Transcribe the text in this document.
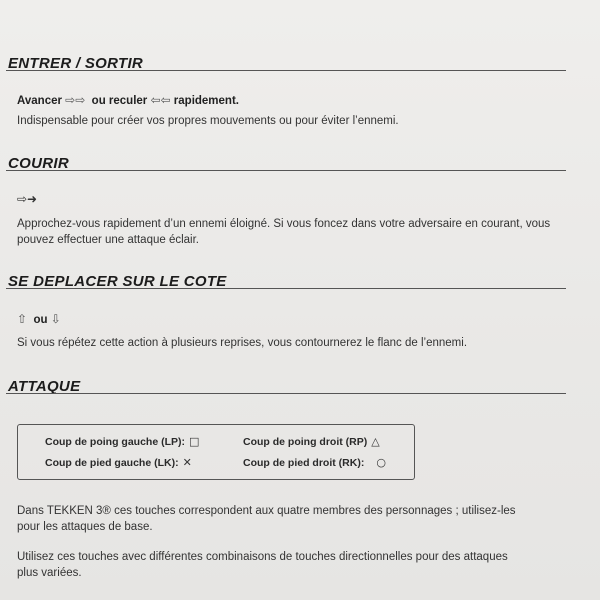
ENTRER / SORTIR
Avancer ⇨⇨ ou reculer ⇦⇦ rapidement.
Indispensable pour créer vos propres mouvements ou pour éviter l’ennemi.
COURIR
⇨➜
Approchez-vous rapidement d’un ennemi éloigné. Si vous foncez dans votre adversaire en courant, vous
pouvez effectuer une attaque éclair.
SE DEPLACER SUR LE COTE
⇧ ou ⇩
Si vous répétez cette action à plusieurs reprises, vous contournerez le flanc de l’ennemi.
ATTAQUE
Coup de poing gauche (LP): □	Coup de poing droit (RP) △
Coup de pied gauche (LK): ✕	Coup de pied droit (RK): ○
Dans TEKKEN 3® ces touches correspondent aux quatre membres des personnages ; utilisez-les
pour les attaques de base.
Utilisez ces touches avec différentes combinaisons de touches directionnelles pour des attaques
plus variées.
